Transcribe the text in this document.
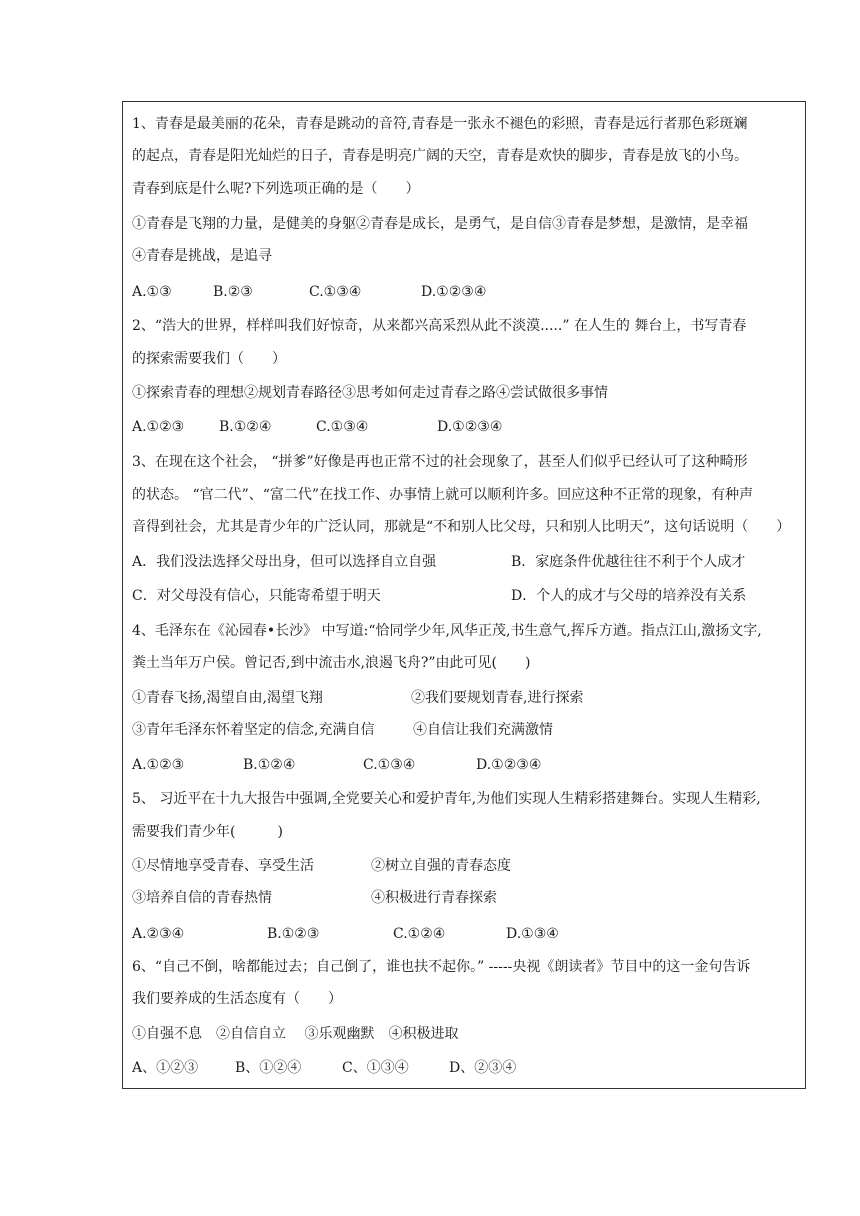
1、青春是最美丽的花朵，青春是跳动的音符,青春是一张永不褪色的彩照，青春是远行者那色彩斑斓
的起点，青春是阳光灿烂的日子，青春是明亮广阔的天空，青春是欢快的脚步，青春是放飞的小鸟。
青春到底是什么呢?下列选项正确的是（　　）
①青春是飞翔的力量，是健美的身躯②青春是成长，是勇气，是自信③青春是梦想，是激情，是幸福
④青春是挑战，是追寻
A.①③	B.②③	C.①③④	D.①②③④
2、“浩大的世界，样样叫我们好惊奇，从来都兴高采烈从此不淡漠.....” 在人生的 舞台上，书写青春
的探索需要我们（　　）
①探索青春的理想②规划青春路径③思考如何走过青春之路④尝试做很多事情
A.①②③ B.①②④	C.①③④	D.①②③④
3、在现在这个社会， “拼爹”好像是再也正常不过的社会现象了，甚至人们似乎已经认可了这种畸形
的状态。 “官二代”、“富二代”在找工作、办事情上就可以顺利许多。回应这种不正常的现象，有种声
音得到社会，尤其是青少年的广泛认同，那就是“不和别人比父母，只和别人比明天”，这句话说明（　　）
A．我们没法选择父母出身，但可以选择自立自强	B．家庭条件优越往往不利于个人成才
C．对父母没有信心，只能寄希望于明天	D．个人的成才与父母的培养没有关系
4、毛泽东在《沁园春•长沙》 中写道:“恰同学少年,风华正茂,书生意气,挥斥方遒。指点江山,激扬文字,
粪土当年万户侯。曾记否,到中流击水,浪遏飞舟?”由此可见(　　)
①青春飞扬,渴望自由,渴望飞翔	②我们要规划青春,进行探索
③青年毛泽东怀着坚定的信念,充满自信	④自信让我们充满激情
A.①②③	B.①②④	C.①③④	D.①②③④
5、 习近平在十九大报告中强调,全党要关心和爱护青年,为他们实现人生精彩搭建舞台。实现人生精彩,
需要我们青少年(　　　)
①尽情地享受青春、享受生活	②树立自强的青春态度
③培养自信的青春热情	④积极进行青春探索
A.②③④	B.①②③	C.①②④	D.①③④
6、“自己不倒，啥都能过去；自己倒了，谁也扶不起你。” -----央视《朗读者》节目中的这一金句告诉
我们要养成的生活态度有（　　）
①自强不息　②自信自立　 ③乐观幽默　④积极进取
A、①②③	B、①②④	C、①③④	D、②③④
